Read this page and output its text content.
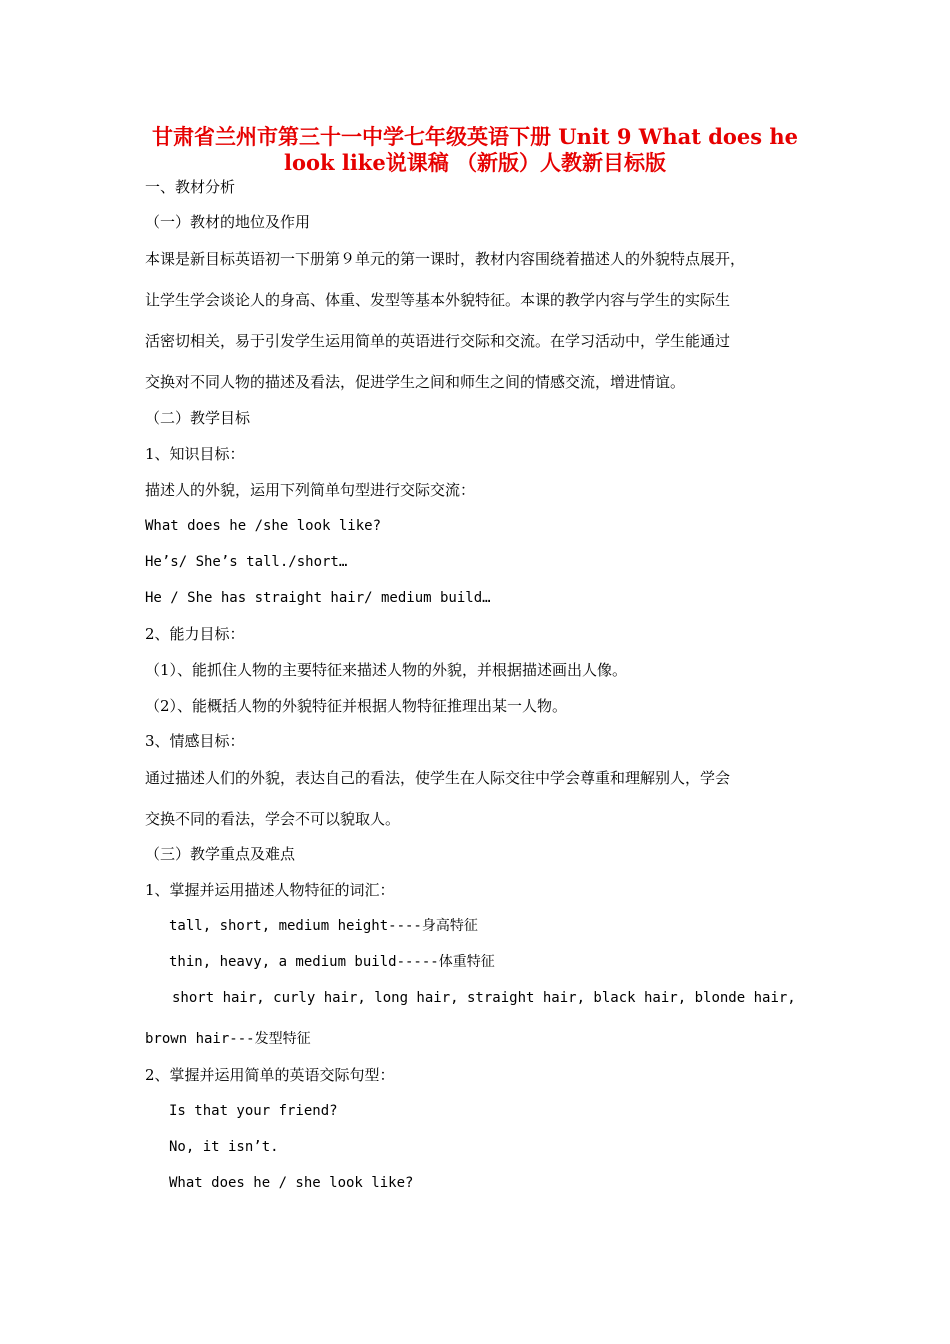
甘肃省兰州市第三十一中学七年级英语下册 Unit 9 What does he
look like说课稿 （新版）人教新目标版
一、教材分析
（一）教材的地位及作用
本课是新目标英语初一下册第９单元的第一课时，教材内容围绕着描述人的外貌特点展开，
让学生学会谈论人的身高、体重、发型等基本外貌特征。本课的教学内容与学生的实际生
活密切相关，易于引发学生运用简单的英语进行交际和交流。在学习活动中，学生能通过
交换对不同人物的描述及看法，促进学生之间和师生之间的情感交流，增进情谊。
（二）教学目标
1、知识目标：
描述人的外貌，运用下列简单句型进行交际交流：
What does he /she look like?
He’s/ She’s tall./short…
He / She has straight hair/ medium build…
2、能力目标：
（1）、能抓住人物的主要特征来描述人物的外貌，并根据描述画出人像。
（2）、能概括人物的外貌特征并根据人物特征推理出某一人物。
3、情感目标：
通过描述人们的外貌，表达自己的看法，使学生在人际交往中学会尊重和理解别人，学会
交换不同的看法，学会不可以貌取人。
（三）教学重点及难点
1、掌握并运用描述人物特征的词汇：
tall, short, medium height----身高特征
thin, heavy, a medium build-----体重特征
short hair, curly hair, long hair, straight hair, black hair, blonde hair,
brown hair---发型特征
2、掌握并运用简单的英语交际句型：
Is that your friend?
No, it isn’t.
What does he / she look like?
